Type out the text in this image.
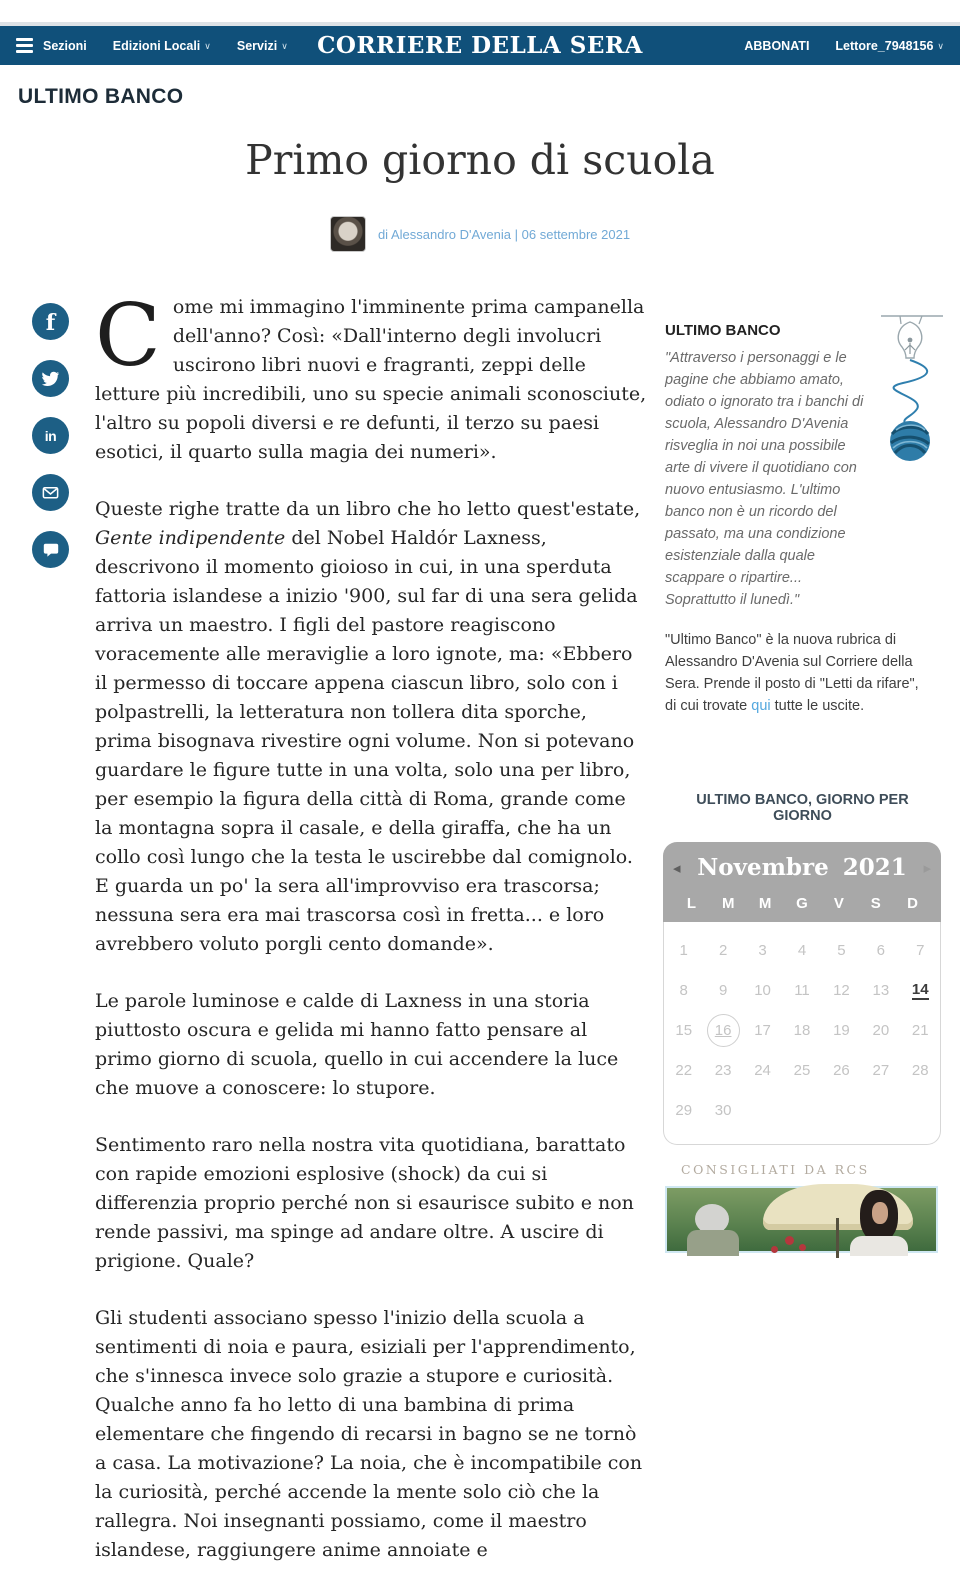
Sezioni Edizioni Locali ∨ Servizi ∨ CORRIERE DELLA SERA	ABBONATI Lettore_7948156 ∨
ULTIMO BANCO
Primo giorno di scuola
di Alessandro D'Avenia | 06 settembre 2021
f
in

Come mi immagino l'imminente prima campanella dell'anno? Così: «Dall'interno degli involucri uscirono libri nuovi e fragranti, zeppi delle letture più incredibili, uno su specie animali sconosciute, l'altro su popoli diversi e re defunti, il terzo su paesi esotici, il quarto sulla magia dei numeri».

Queste righe tratte da un libro che ho letto quest'estate, Gente indipendente del Nobel Haldór Laxness, descrivono il momento gioioso in cui, in una sperduta fattoria islandese a inizio '900, sul far di una sera gelida arriva un maestro. I figli del pastore reagiscono voracemente alle meraviglie a loro ignote, ma: «Ebbero il permesso di toccare appena ciascun libro, solo con i polpastrelli, la letteratura non tollera dita sporche, prima bisognava rivestire ogni volume. Non si potevano guardare le figure tutte in una volta, solo una per libro, per esempio la figura della città di Roma, grande come la montagna sopra il casale, e della giraffa, che ha un collo così lungo che la testa le uscirebbe dal comignolo. E guarda un po' la sera all'improvviso era trascorsa; nessuna sera era mai trascorsa così in fretta... e loro avrebbero voluto porgli cento domande».

Le parole luminose e calde di Laxness in una storia piuttosto oscura e gelida mi hanno fatto pensare al primo giorno di scuola, quello in cui accendere la luce che muove a conoscere: lo stupore.

Sentimento raro nella nostra vita quotidiana, barattato con rapide emozioni esplosive (shock) da cui si differenzia proprio perché non si esaurisce subito e non rende passivi, ma spinge ad andare oltre. A uscire di prigione. Quale?

Gli studenti associano spesso l'inizio della scuola a sentimenti di noia e paura, esiziali per l'apprendimento, che s'innesca invece solo grazie a stupore e curiosità. Qualche anno fa ho letto di una bambina di prima elementare che fingendo di recarsi in bagno se ne tornò a casa. La motivazione? La noia, che è incompatibile con la curiosità, perché accende la mente solo ciò che la rallegra. Noi insegnanti possiamo, come il maestro islandese, raggiungere anime annoiate e

ULTIMO BANCO
"Attraverso i personaggi e le pagine che abbiamo amato, odiato o ignorato tra i banchi di scuola, Alessandro D'Avenia risveglia in noi una possibile arte di vivere il quotidiano con nuovo entusiasmo. L'ultimo banco non è un ricordo del passato, ma una condizione esistenziale dalla quale scappare o ripartire... Soprattutto il lunedì."
"Ultimo Banco" è la nuova rubrica di Alessandro D'Avenia sul Corriere della Sera. Prende il posto di "Letti da rifare", di cui trovate qui tutte le uscite.
ULTIMO BANCO, GIORNO PER GIORNO
◂ Novembre 2021 ▸
L	M	M	G	V	S	D
1 2 3 4 5 6 7
8 9 10 11 12 13 14
15	16	17 18 19 20 21
22 23 24 25 26 27 28
29 30
CONSIGLIATI DA RCS
